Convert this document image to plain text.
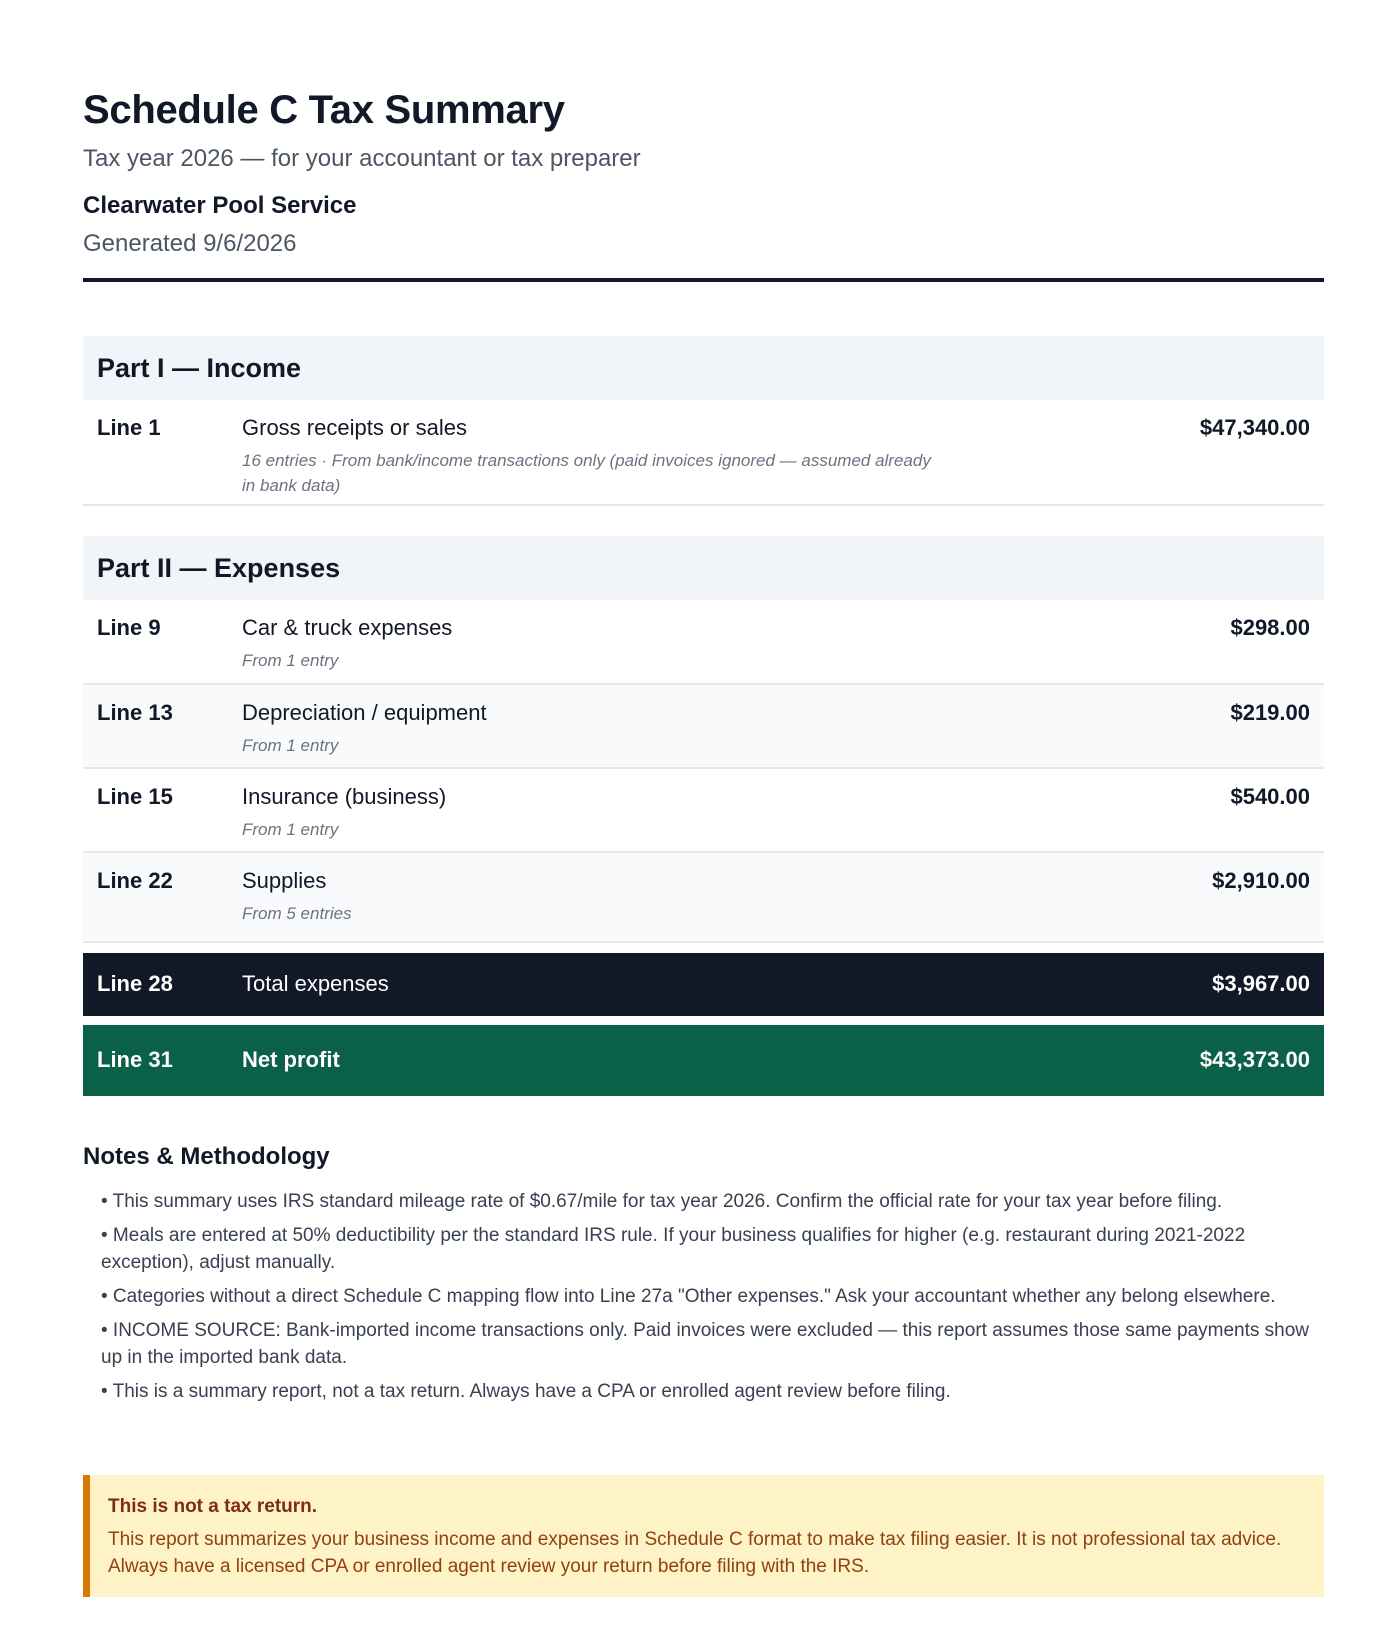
Schedule C Tax Summary
Tax year 2026 — for your accountant or tax preparer
Clearwater Pool Service
Generated 9/6/2026
Part I — Income
Line 1	Gross receipts or sales
16 entries · From bank/income transactions only (paid invoices ignored — assumed already in bank data)
$47,340.00
Part II — Expenses
Line 9	Car & truck expenses
From 1 entry
$298.00
Line 13	Depreciation / equipment
From 1 entry
$219.00
Line 15	Insurance (business)
From 1 entry
$540.00
Line 22	Supplies
From 5 entries
$2,910.00
Line 28	Total expenses	$3,967.00
Line 31	Net profit	$43,373.00
Notes & Methodology
• This summary uses IRS standard mileage rate of $0.67/mile for tax year 2026. Confirm the official rate for your tax year before filing.
• Meals are entered at 50% deductibility per the standard IRS rule. If your business qualifies for higher (e.g. restaurant during 2021-2022 exception), adjust manually.
• Categories without a direct Schedule C mapping flow into Line 27a "Other expenses." Ask your accountant whether any belong elsewhere.
• INCOME SOURCE: Bank-imported income transactions only. Paid invoices were excluded — this report assumes those same payments show up in the imported bank data.
• This is a summary report, not a tax return. Always have a CPA or enrolled agent review before filing.
This is not a tax return.
This report summarizes your business income and expenses in Schedule C format to make tax filing easier. It is not professional tax advice. Always have a licensed CPA or enrolled agent review your return before filing with the IRS.
